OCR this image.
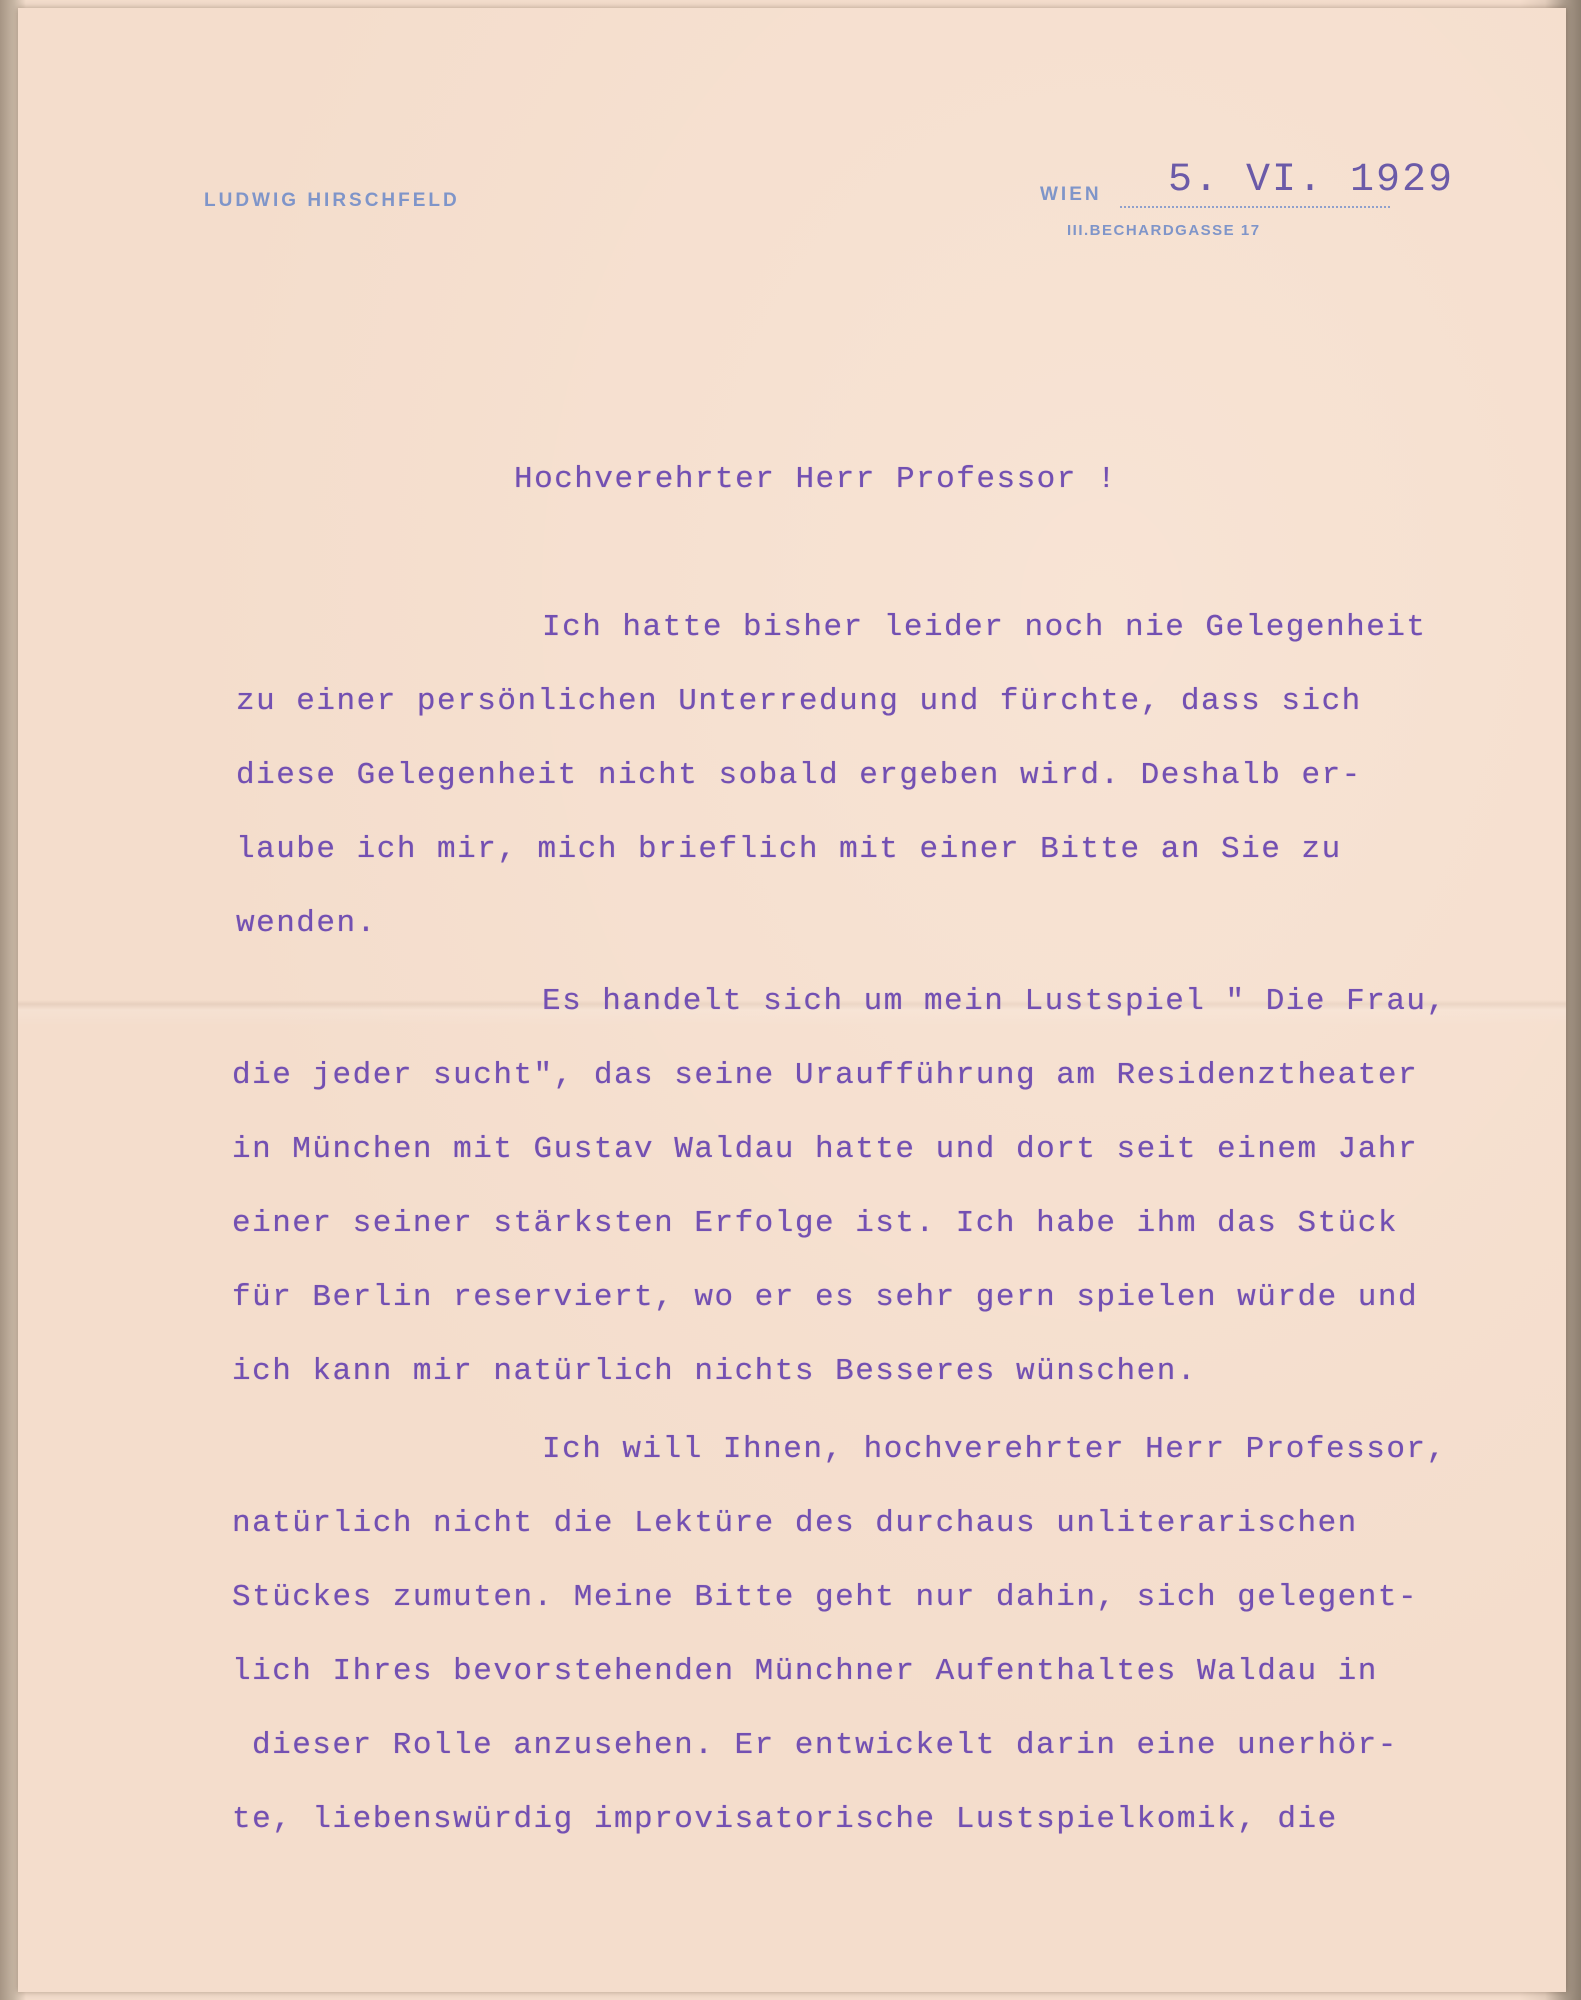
LUDWIG HIRSCHFELD	WIEN 5. VI. 1929
III.BECHARDGASSE 17
Hochverehrter Herr Professor !
Ich hatte bisher leider noch nie Gelegenheit
zu einer persönlichen Unterredung und fürchte, dass sich
diese Gelegenheit nicht sobald ergeben wird. Deshalb er-
laube ich mir, mich brieflich mit einer Bitte an Sie zu
wenden.
Es handelt sich um mein Lustspiel " Die Frau,
die jeder sucht", das seine Uraufführung am Residenztheater
in München mit Gustav Waldau hatte und dort seit einem Jahr
einer seiner stärksten Erfolge ist. Ich habe ihm das Stück
für Berlin reserviert, wo er es sehr gern spielen würde und
ich kann mir natürlich nichts Besseres wünschen.
Ich will Ihnen, hochverehrter Herr Professor,
natürlich nicht die Lektüre des durchaus unliterarischen
Stückes zumuten. Meine Bitte geht nur dahin, sich gelegent-
lich Ihres bevorstehenden Münchner Aufenthaltes Waldau in
dieser Rolle anzusehen. Er entwickelt darin eine unerhör-
te, liebenswürdig improvisatorische Lustspielkomik, die
